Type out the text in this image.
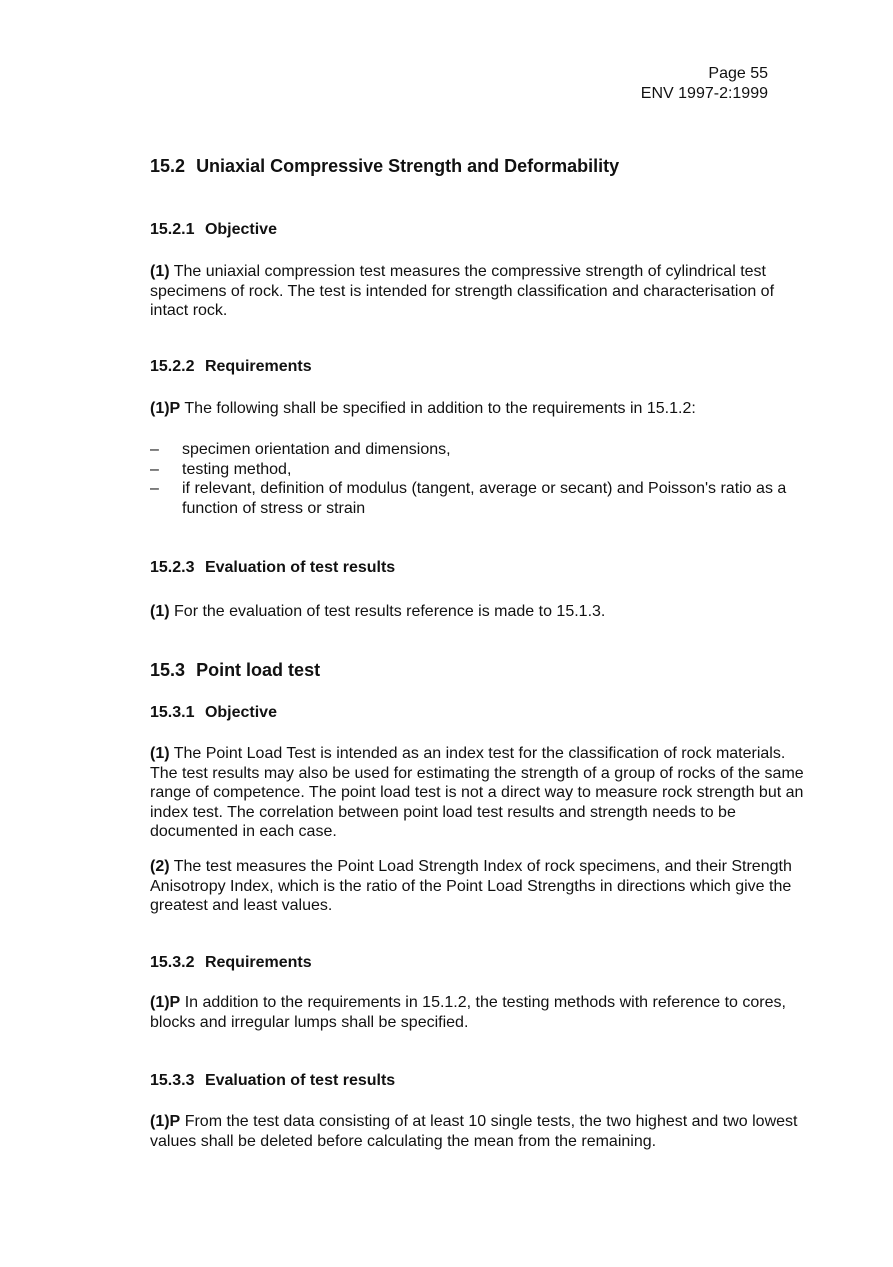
Page 55
ENV 1997-2:1999
15.2 Uniaxial Compressive Strength and Deformability
15.2.1 Objective
(1) The uniaxial compression test measures the compressive strength of cylindrical test specimens of rock. The test is intended for strength classification and characterisation of intact rock.
15.2.2 Requirements
(1)P The following shall be specified in addition to the requirements in 15.1.2:
– specimen orientation and dimensions,
– testing method,
– if relevant, definition of modulus (tangent, average or secant) and Poisson's ratio as a function of stress or strain
15.2.3 Evaluation of test results
(1) For the evaluation of test results reference is made to 15.1.3.
15.3 Point load test
15.3.1 Objective
(1) The Point Load Test is intended as an index test for the classification of rock materials. The test results may also be used for estimating the strength of a group of rocks of the same range of competence. The point load test is not a direct way to measure rock strength but an index test. The correlation between point load test results and strength needs to be documented in each case.
(2) The test measures the Point Load Strength Index of rock specimens, and their Strength Anisotropy Index, which is the ratio of the Point Load Strengths in directions which give the greatest and least values.
15.3.2 Requirements
(1)P In addition to the requirements in 15.1.2, the testing methods with reference to cores, blocks and irregular lumps shall be specified.
15.3.3 Evaluation of test results
(1)P From the test data consisting of at least 10 single tests, the two highest and two lowest values shall be deleted before calculating the mean from the remaining.
